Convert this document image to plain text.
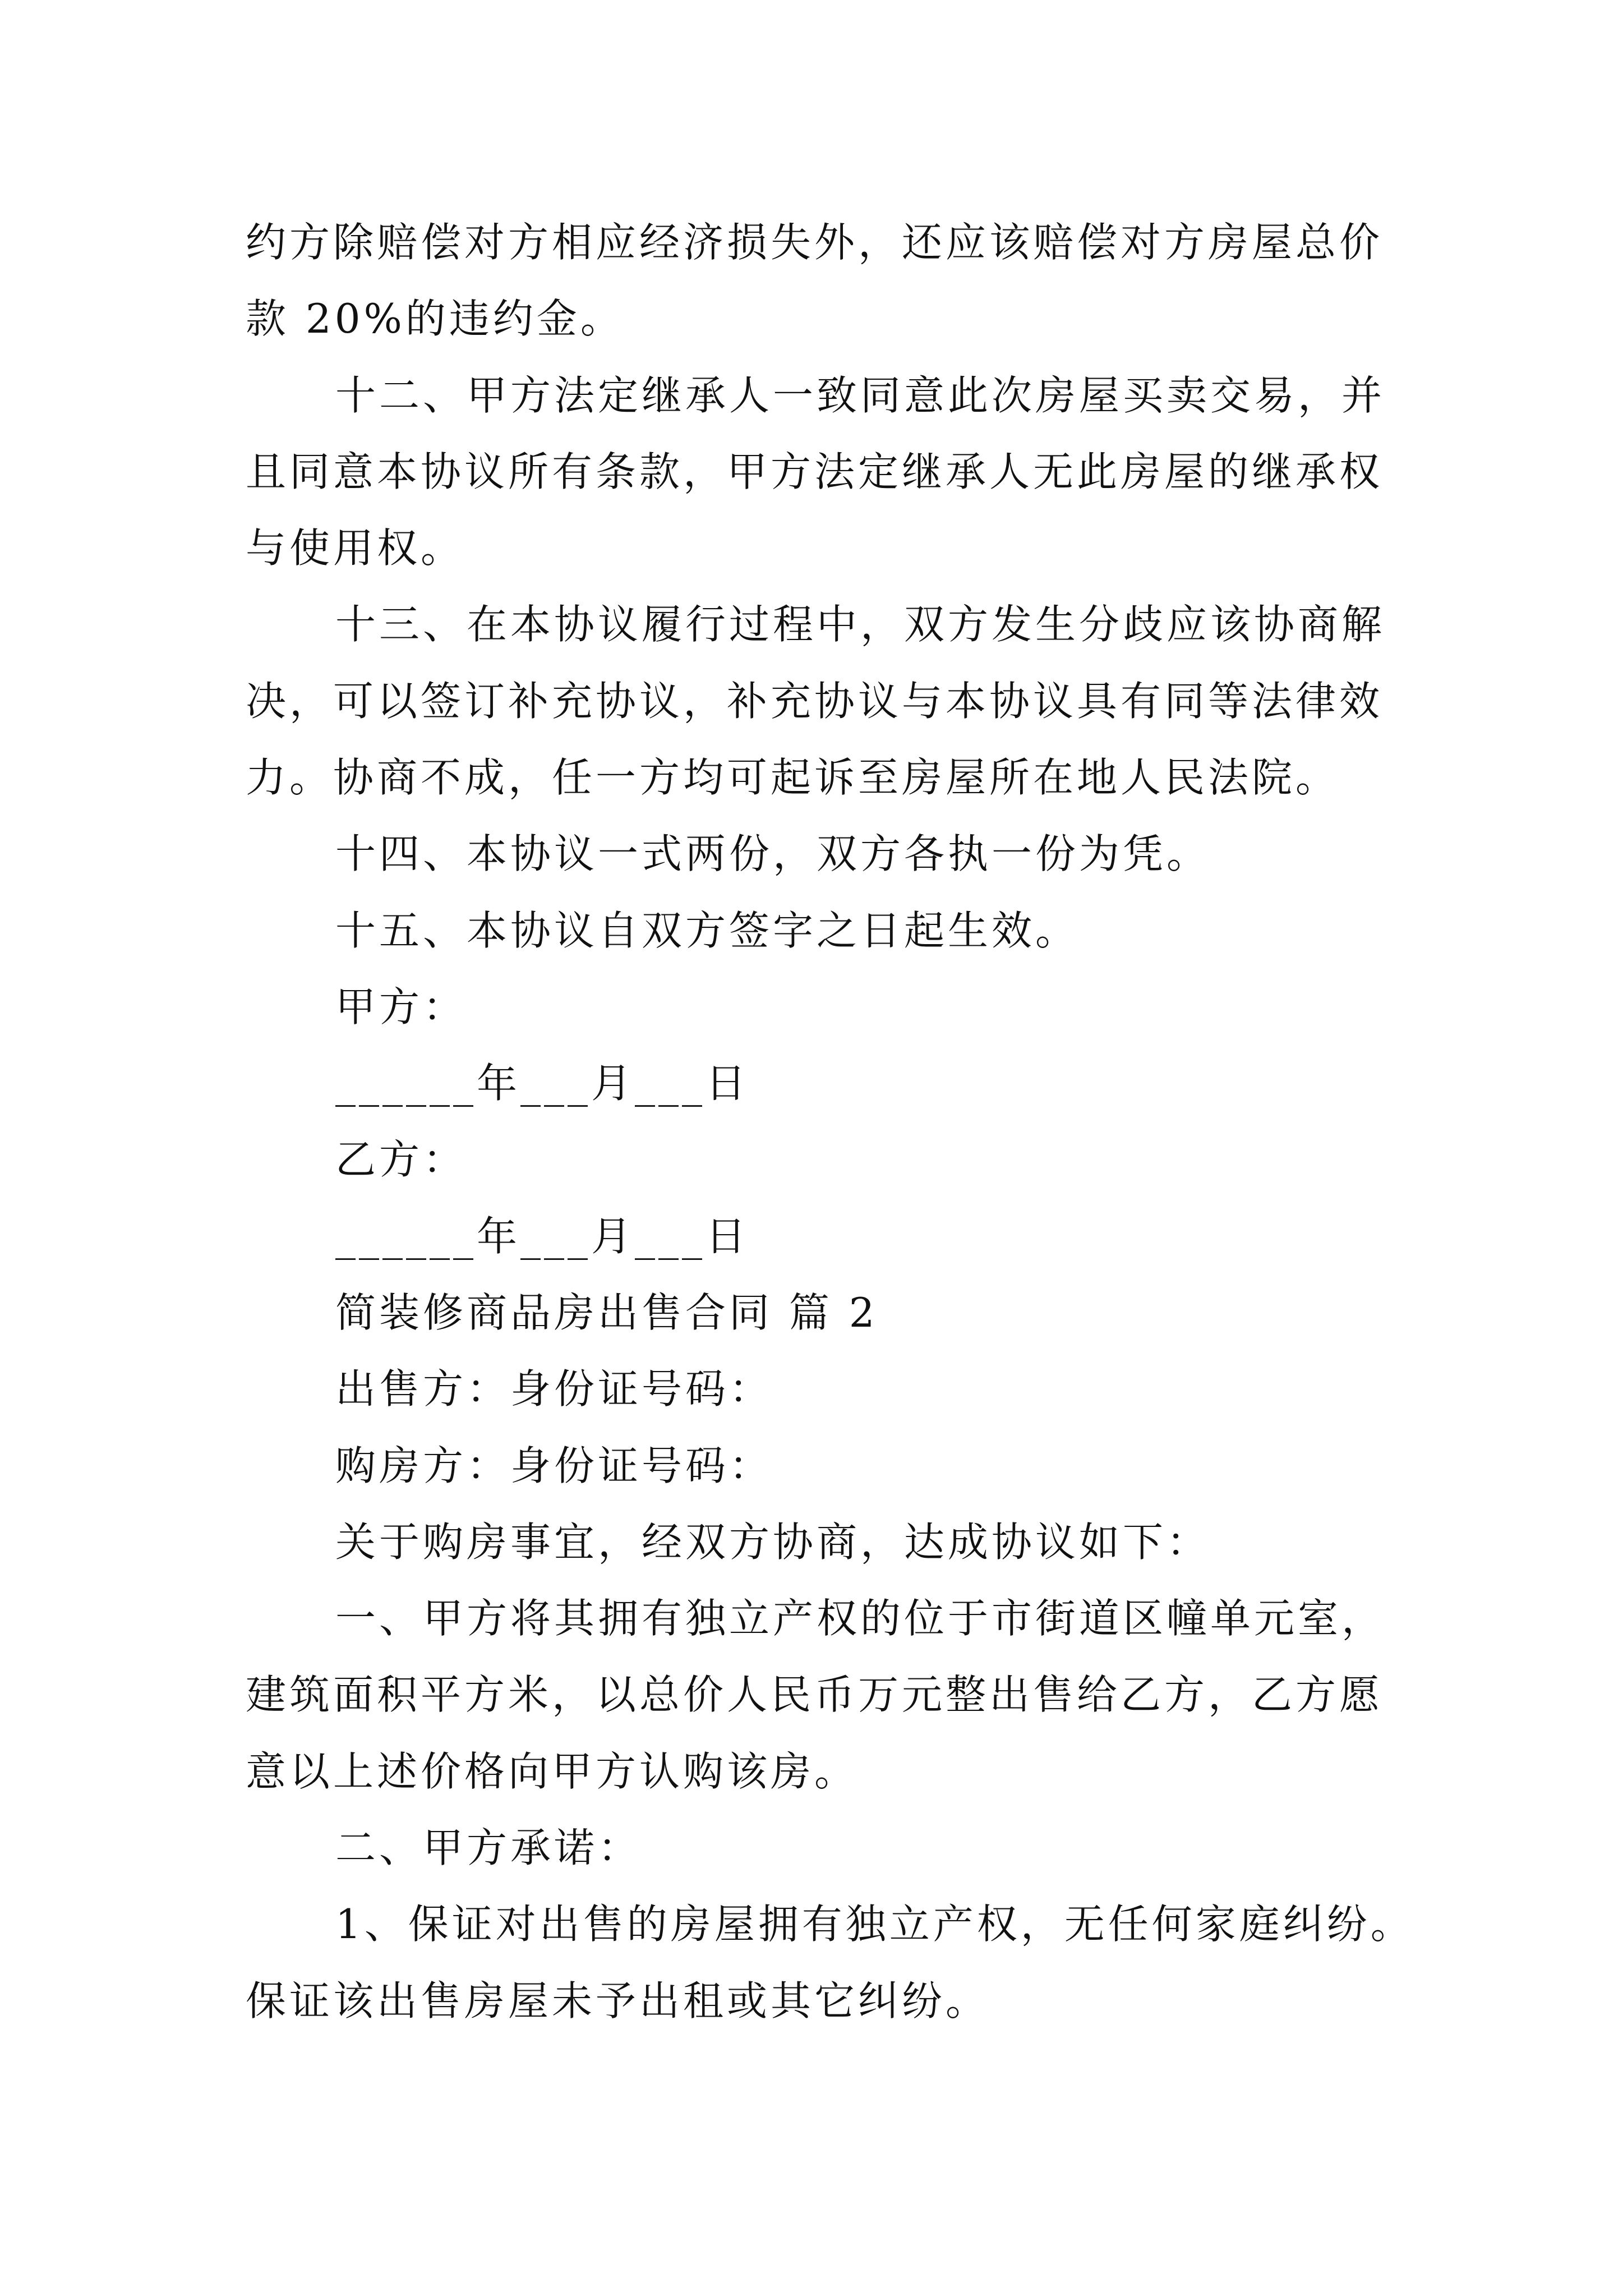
约方除赔偿对方相应经济损失外，还应该赔偿对方房屋总价
款 20%的违约金。
十二、甲方法定继承人一致同意此次房屋买卖交易，并
且同意本协议所有条款，甲方法定继承人无此房屋的继承权
与使用权。
十三、在本协议履行过程中，双方发生分歧应该协商解
决，可以签订补充协议，补充协议与本协议具有同等法律效
力。协商不成，任一方均可起诉至房屋所在地人民法院。
十四、本协议一式两份，双方各执一份为凭。
十五、本协议自双方签字之日起生效。
甲方：
______年___月___日
乙方：
______年___月___日
简装修商品房出售合同 篇 2
出售方：身份证号码：
购房方：身份证号码：
关于购房事宜，经双方协商，达成协议如下：
一、甲方将其拥有独立产权的位于市街道区幢单元室，
建筑面积平方米，以总价人民币万元整出售给乙方，乙方愿
意以上述价格向甲方认购该房。
二、甲方承诺：
1、保证对出售的房屋拥有独立产权，无任何家庭纠纷。
保证该出售房屋未予出租或其它纠纷。
